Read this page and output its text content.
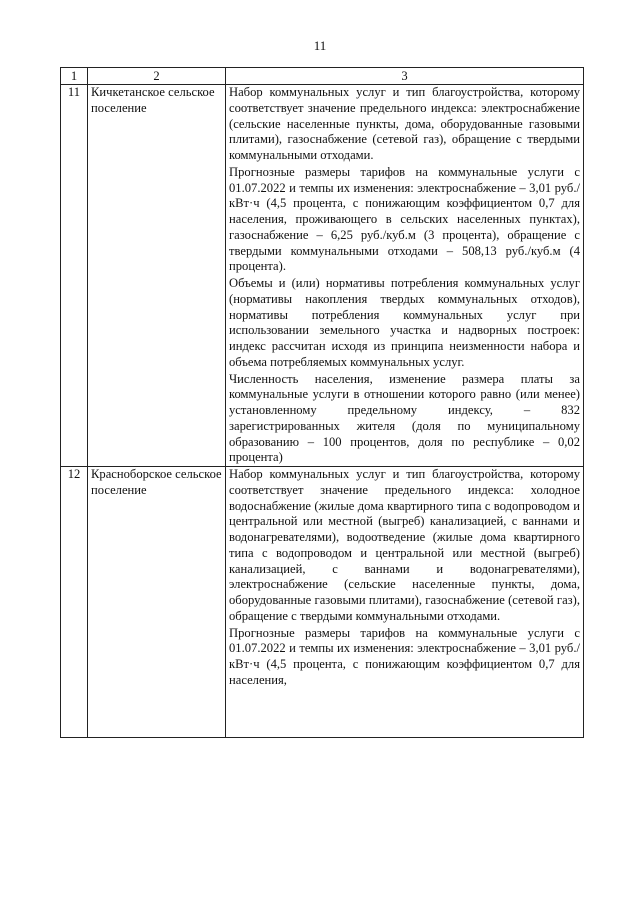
11
1	2	3
11	Кичкетанское сельское поселение	Набор коммунальных услуг и тип благоустройства, которому соответствует значение предельного индекса: электроснабжение (сельские населенные пункты, дома, оборудованные газовыми плитами), газоснабжение (сетевой газ), обращение с твердыми коммунальными отходами.

Прогнозные размеры тарифов на коммунальные услуги с 01.07.2022 и темпы их изменения: электроснабжение – 3,01 руб./кВт·ч (4,5 процента, с понижающим коэффициентом 0,7 для населения, проживающего в сельских населенных пунктах), газоснабжение – 6,25 руб./куб.м (3 процента), обращение с твердыми коммунальными отходами – 508,13 руб./куб.м (4 процента).

Объемы и (или) нормативы потребления коммунальных услуг (нормативы накопления твердых коммунальных отходов), нормативы потребления коммунальных услуг при использовании земельного участка и надворных построек: индекс рассчитан исходя из принципа неизменности набора и объема потребляемых коммунальных услуг.

Численность населения, изменение размера платы за коммунальные услуги в отношении которого равно (или менее) установленному предельному индексу, – 832 зарегистрированных жителя (доля по муниципальному образованию – 100 процентов, доля по республике – 0,02 процента)

12	Красноборское сельское поселение	Набор коммунальных услуг и тип благоустройства, которому соответствует значение предельного индекса: холодное водоснабжение (жилые дома квартирного типа с водопроводом и центральной или местной (выгреб) канализацией, с ваннами и водонагревателями), водоотведение (жилые дома квартирного типа с водопроводом и центральной или местной (выгреб) канализацией, с ваннами и водонагревателями), электроснабжение (сельские населенные пункты, дома, оборудованные газовыми плитами), газоснабжение (сетевой газ), обращение с твердыми коммунальными отходами.

Прогнозные размеры тарифов на коммунальные услуги с 01.07.2022 и темпы их изменения: электроснабжение – 3,01 руб./кВт·ч (4,5 процента, с понижающим коэффициентом 0,7 для населения,
